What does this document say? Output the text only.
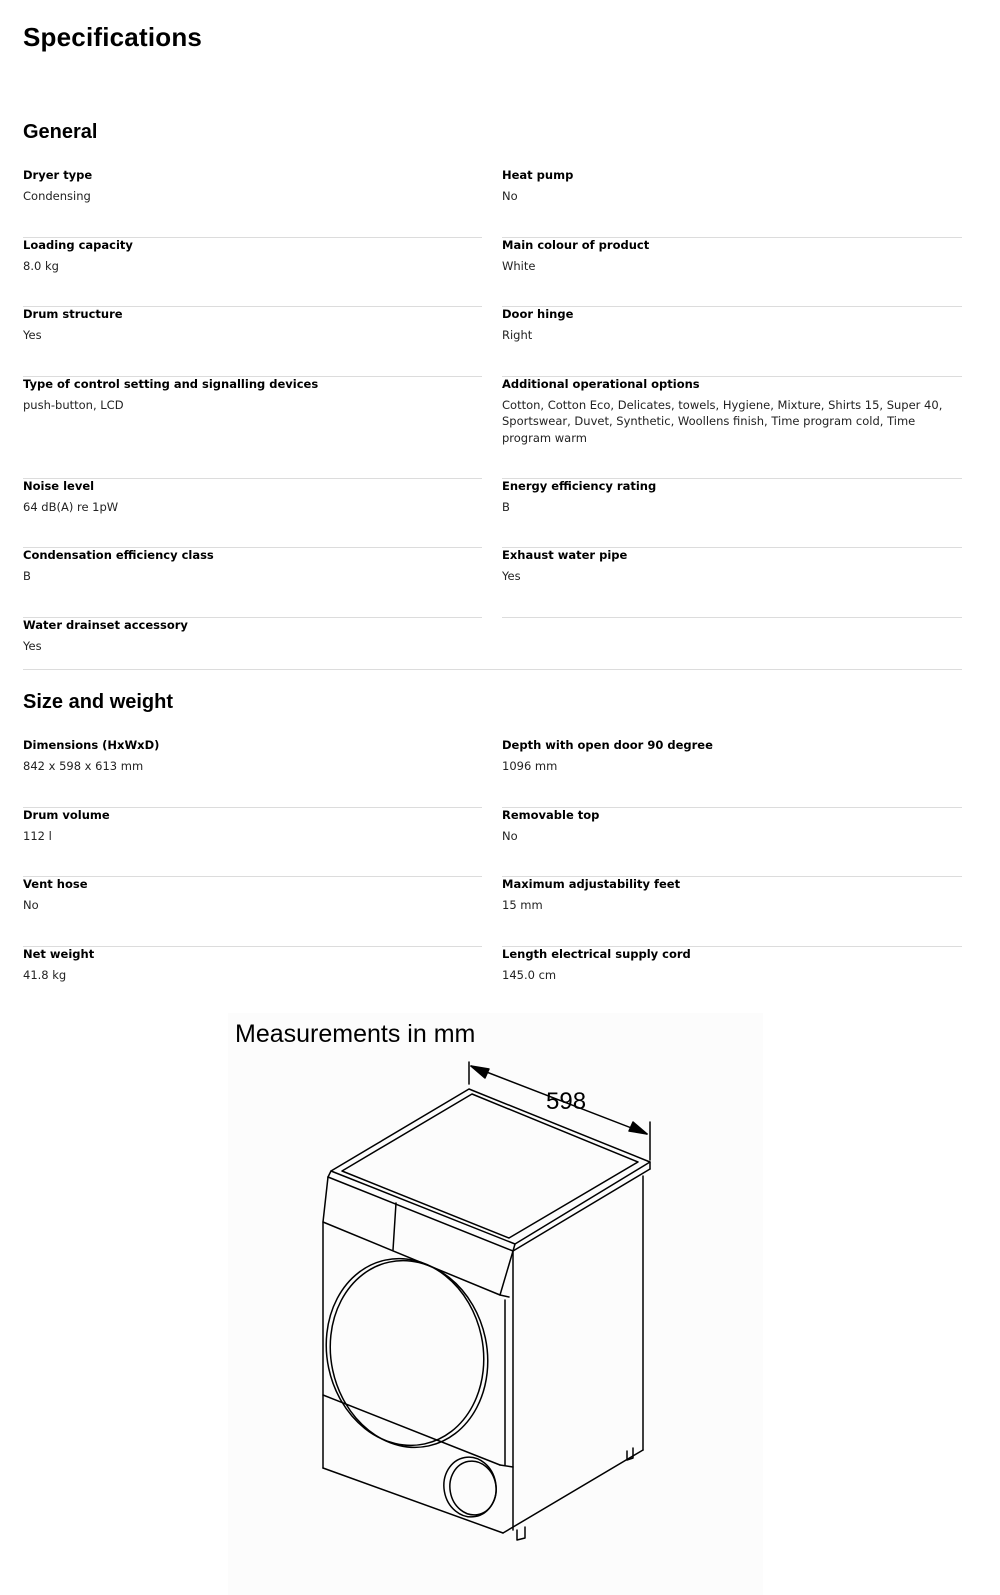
Specifications
General

Dryer type

Condensing

Heat pump

No

Loading capacity

8.0 kg

Main colour of product

White

Drum structure

Yes

Door hinge

Right

Type of control setting and signalling devices

push-button, LCD

Additional operational options

Cotton, Cotton Eco, Delicates, towels, Hygiene, Mixture, Shirts 15, Super 40, Sportswear, Duvet, Synthetic, Woollens finish, Time program cold, Time program warm

Noise level

64 dB(A) re 1pW

Energy efficiency rating

B

Condensation efficiency class

B

Exhaust water pipe

Yes

Water drainset accessory

Yes

Size and weight

Dimensions (HxWxD)

842 x 598 x 613 mm

Depth with open door 90 degree

1096 mm

Drum volume

112 l

Removable top

No

Vent hose

No

Maximum adjustability feet

15 mm

Net weight

41.8 kg

Length electrical supply cord

145.0 cm

Measurements in mm

598
